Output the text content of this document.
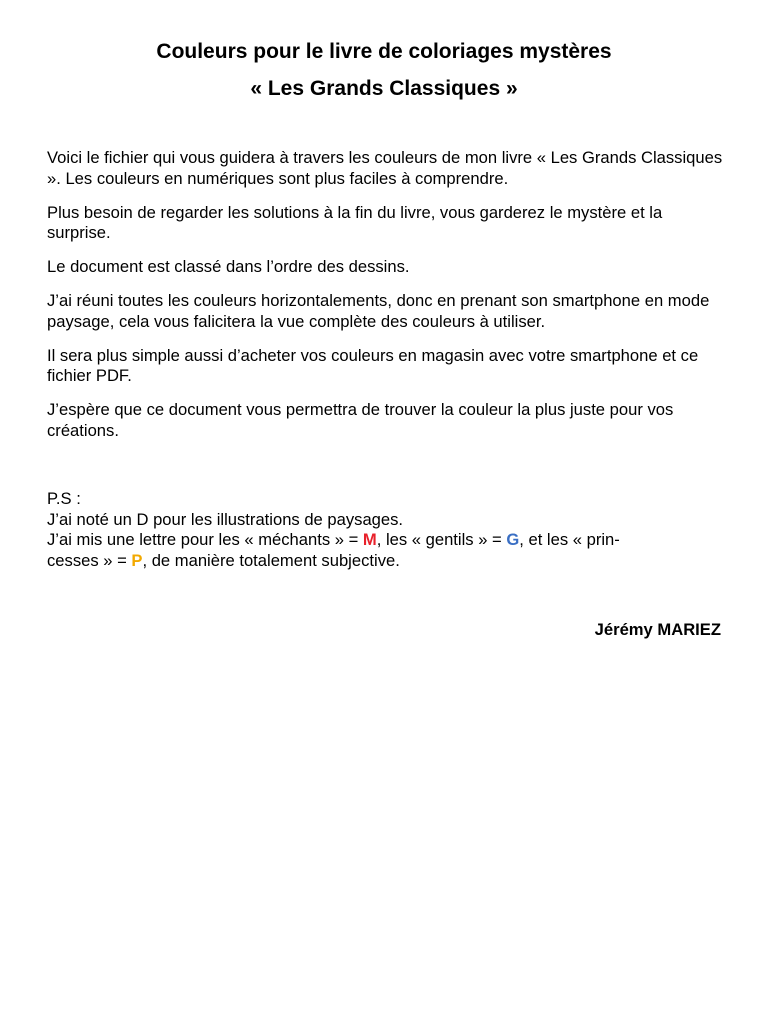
Couleurs pour le livre de coloriages mystères
« Les Grands Classiques »

Voici le fichier qui vous guidera à travers les couleurs de mon livre « Les Grands Classiques ». Les couleurs en numériques sont plus faciles à comprendre.

Plus besoin de regarder les solutions à la fin du livre, vous garderez le mystère et la surprise.

Le document est classé dans l’ordre des dessins.

J’ai réuni toutes les couleurs horizontalements, donc en prenant son smartphone en mode paysage, cela vous falicitera la vue complète des couleurs à utiliser.

Il sera plus simple aussi d’acheter vos couleurs en magasin avec votre smartphone et ce fichier PDF.

J’espère que ce document vous permettra de trouver la couleur la plus juste pour vos créations.

P.S :
J’ai noté un D pour les illustrations de paysages.
J’ai mis une lettre pour les « méchants » = M, les « gentils » = G, et les « prin-
cesses » = P, de manière totalement subjective.
Jérémy MARIEZ
